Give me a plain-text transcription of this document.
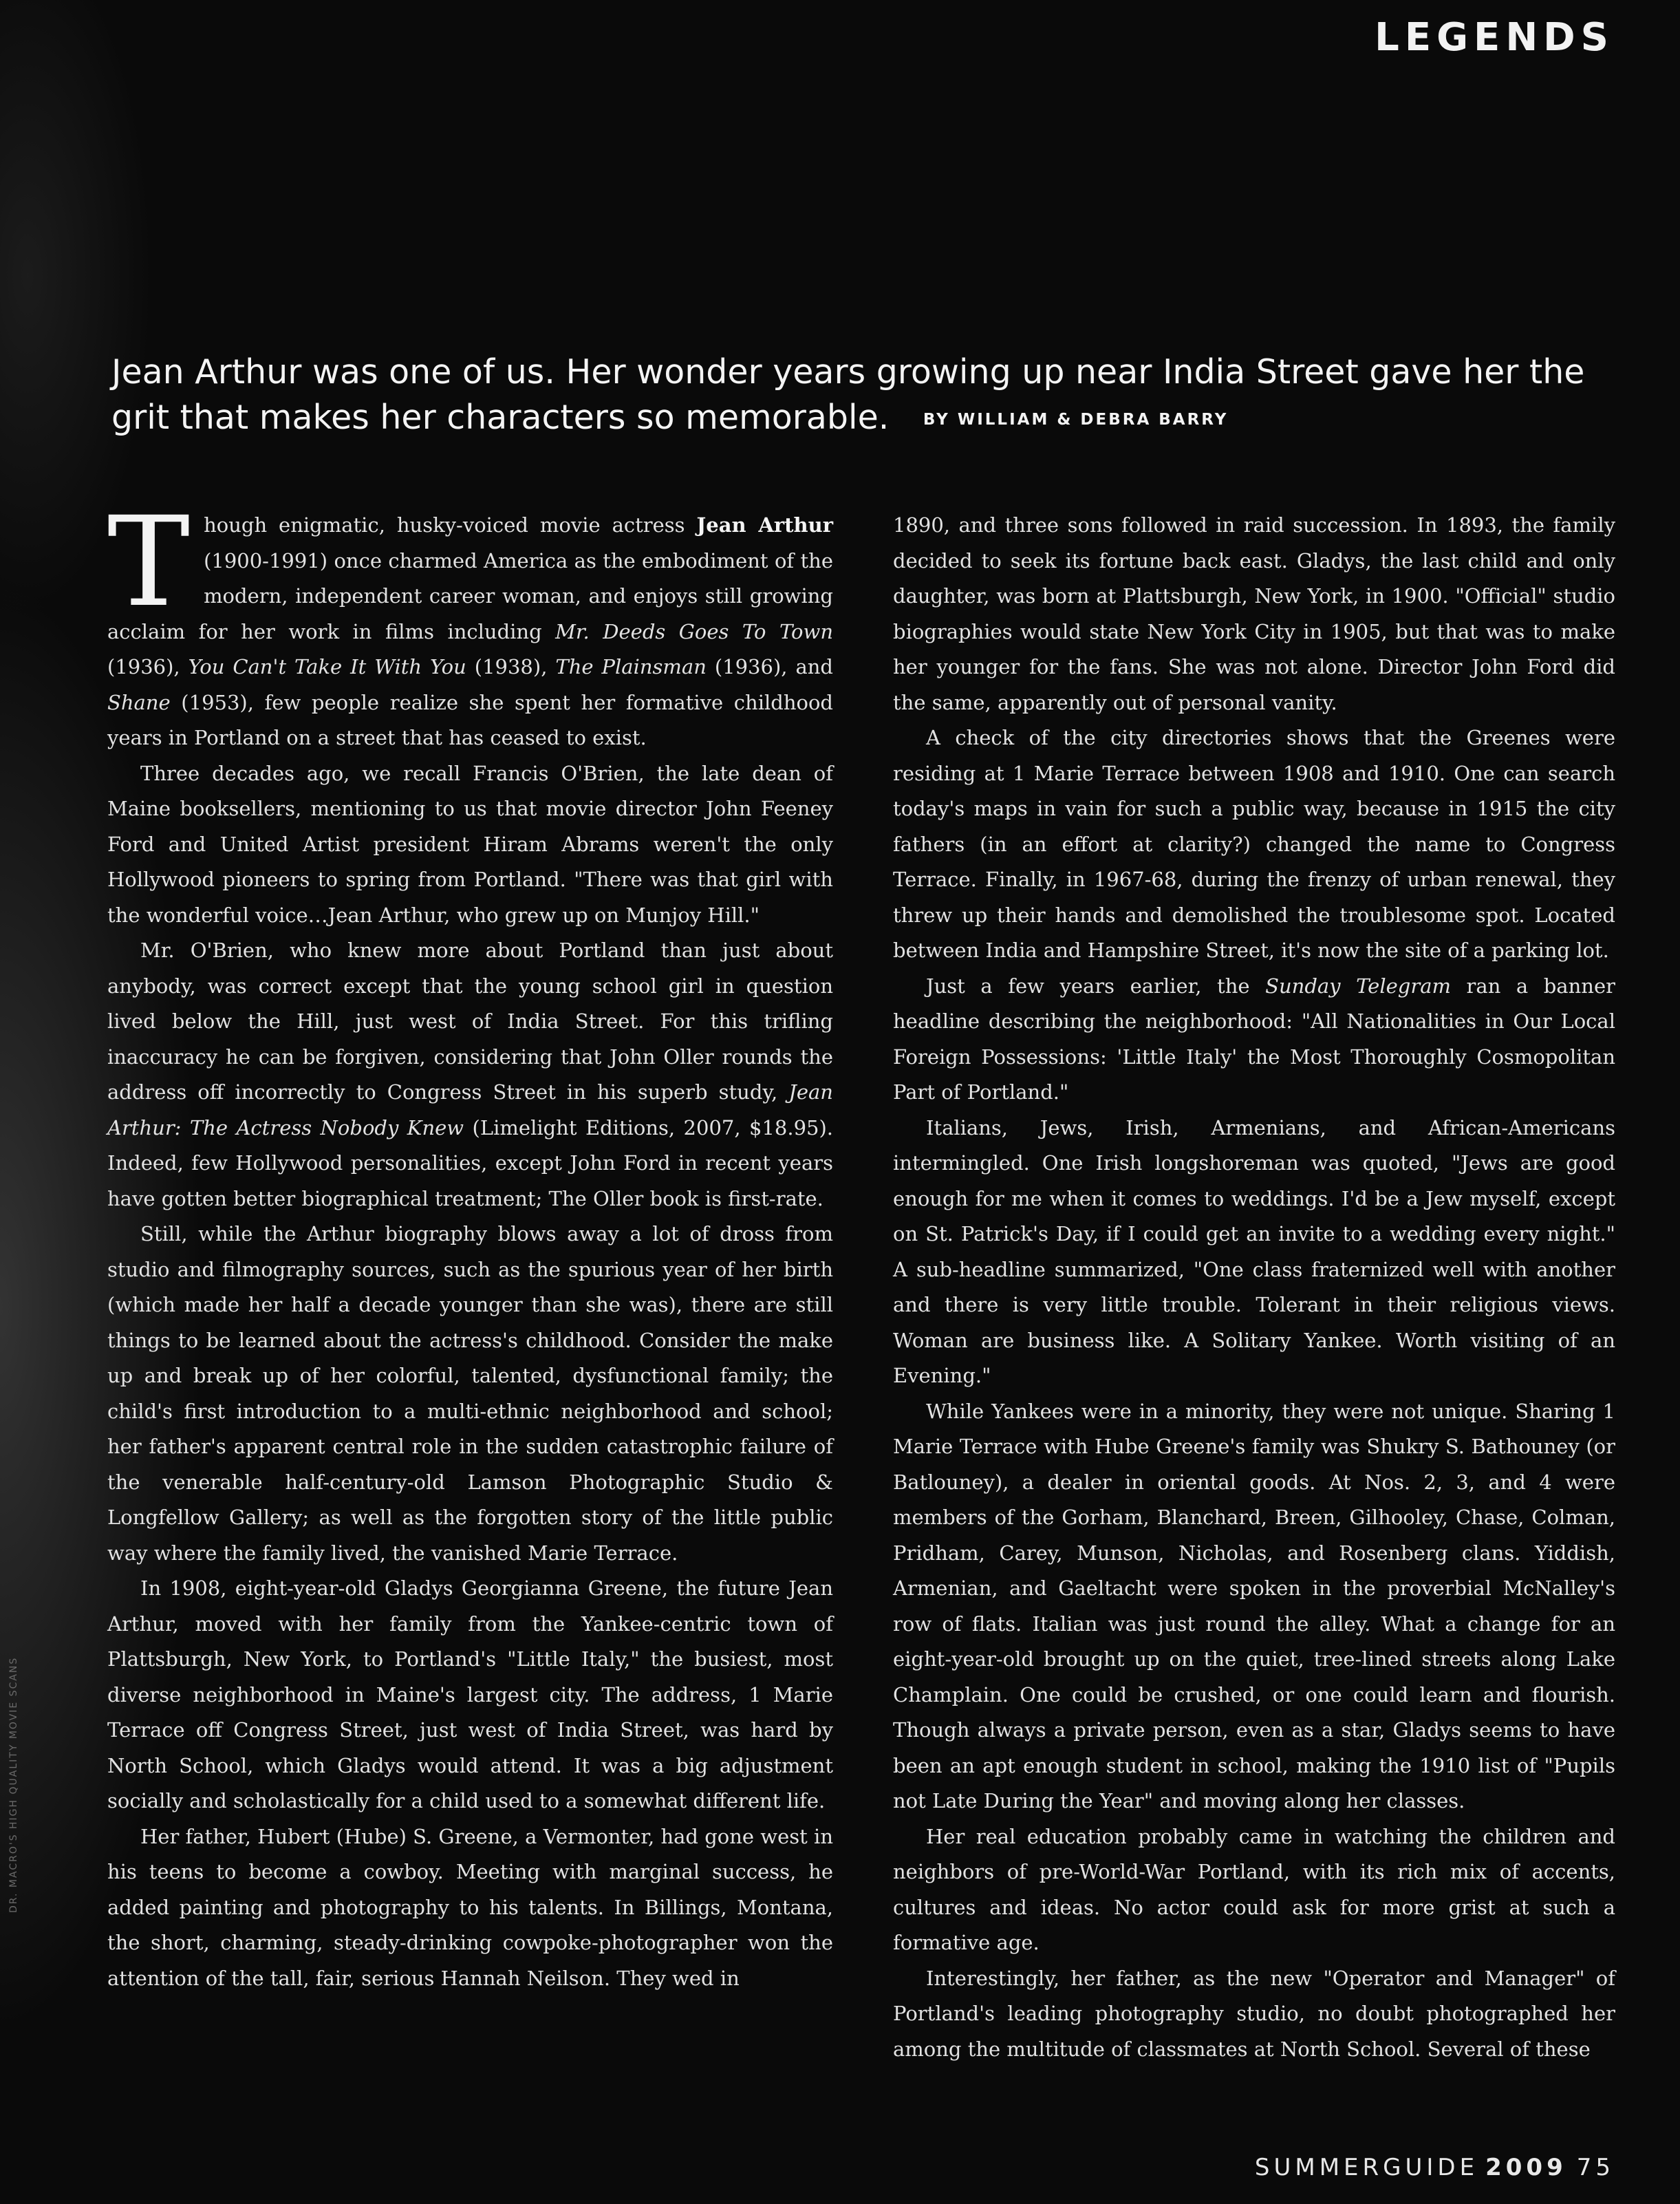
LEGENDS
Jean Arthur was one of us. Her wonder years growing up near India Street gave her the grit that makes her characters so memorable. BY WILLIAM & DEBRA BARRY

Though enigmatic, husky-voiced movie actress Jean Arthur (1900-1991) once charmed America as the embodiment of the modern, independent career woman, and enjoys still growing acclaim for her work in films including Mr. Deeds Goes To Town (1936), You Can't Take It With You (1938), The Plainsman (1936), and Shane (1953), few people realize she spent her formative childhood years in Portland on a street that has ceased to exist.

Three decades ago, we recall Francis O'Brien, the late dean of Maine booksellers, mentioning to us that movie director John Feeney Ford and United Artist president Hiram Abrams weren't the only Hollywood pioneers to spring from Portland. "There was that girl with the wonderful voice…Jean Arthur, who grew up on Munjoy Hill."

Mr. O'Brien, who knew more about Portland than just about anybody, was correct except that the young school girl in question lived below the Hill, just west of India Street. For this trifling inaccuracy he can be forgiven, considering that John Oller rounds the address off incorrectly to Congress Street in his superb study, Jean Arthur: The Actress Nobody Knew (Limelight Editions, 2007, $18.95). Indeed, few Hollywood personalities, except John Ford in recent years have gotten better biographical treatment; The Oller book is first-rate.

Still, while the Arthur biography blows away a lot of dross from studio and filmography sources, such as the spurious year of her birth (which made her half a decade younger than she was), there are still things to be learned about the actress's childhood. Consider the make up and break up of her colorful, talented, dysfunctional family; the child's first introduction to a multi-ethnic neighborhood and school; her father's apparent central role in the sudden catastrophic failure of the venerable half-century-old Lamson Photographic Studio & Longfellow Gallery; as well as the forgotten story of the little public way where the family lived, the vanished Marie Terrace.

In 1908, eight-year-old Gladys Georgianna Greene, the future Jean Arthur, moved with her family from the Yankee-centric town of Plattsburgh, New York, to Portland's "Little Italy," the busiest, most diverse neighborhood in Maine's largest city. The address, 1 Marie Terrace off Congress Street, just west of India Street, was hard by North School, which Gladys would attend. It was a big adjustment socially and scholastically for a child used to a somewhat different life.

Her father, Hubert (Hube) S. Greene, a Vermonter, had gone west in his teens to become a cowboy. Meeting with marginal success, he added painting and photography to his talents. In Billings, Montana, the short, charming, steady-drinking cowpoke-photographer won the attention of the tall, fair, serious Hannah Neilson. They wed in

1890, and three sons followed in raid succession. In 1893, the family decided to seek its fortune back east. Gladys, the last child and only daughter, was born at Plattsburgh, New York, in 1900. "Official" studio biographies would state New York City in 1905, but that was to make her younger for the fans. She was not alone. Director John Ford did the same, apparently out of personal vanity.

A check of the city directories shows that the Greenes were residing at 1 Marie Terrace between 1908 and 1910. One can search today's maps in vain for such a public way, because in 1915 the city fathers (in an effort at clarity?) changed the name to Congress Terrace. Finally, in 1967-68, during the frenzy of urban renewal, they threw up their hands and demolished the troublesome spot. Located between India and Hampshire Street, it's now the site of a parking lot.

Just a few years earlier, the Sunday Telegram ran a banner headline describing the neighborhood: "All Nationalities in Our Local Foreign Possessions: 'Little Italy' the Most Thoroughly Cosmopolitan Part of Portland."

Italians, Jews, Irish, Armenians, and African-Americans intermingled. One Irish longshoreman was quoted, "Jews are good enough for me when it comes to weddings. I'd be a Jew myself, except on St. Patrick's Day, if I could get an invite to a wedding every night." A sub-headline summarized, "One class fraternized well with another and there is very little trouble. Tolerant in their religious views. Woman are business like. A Solitary Yankee. Worth visiting of an Evening."

While Yankees were in a minority, they were not unique. Sharing 1 Marie Terrace with Hube Greene's family was Shukry S. Bathouney (or Batlouney), a dealer in oriental goods. At Nos. 2, 3, and 4 were members of the Gorham, Blanchard, Breen, Gilhooley, Chase, Colman, Pridham, Carey, Munson, Nicholas, and Rosenberg clans. Yiddish, Armenian, and Gaeltacht were spoken in the proverbial McNalley's row of flats. Italian was just round the alley. What a change for an eight-year-old brought up on the quiet, tree-lined streets along Lake Champlain. One could be crushed, or one could learn and flourish. Though always a private person, even as a star, Gladys seems to have been an apt enough student in school, making the 1910 list of "Pupils not Late During the Year" and moving along her classes.

Her real education probably came in watching the children and neighbors of pre-World-War Portland, with its rich mix of accents, cultures and ideas. No actor could ask for more grist at such a formative age.

Interestingly, her father, as the new "Operator and Manager" of Portland's leading photography studio, no doubt photographed her among the multitude of classmates at North School. Several of these

DR. MACRO'S HIGH QUALITY MOVIE SCANS
SUMMERGUIDE 2009 75
